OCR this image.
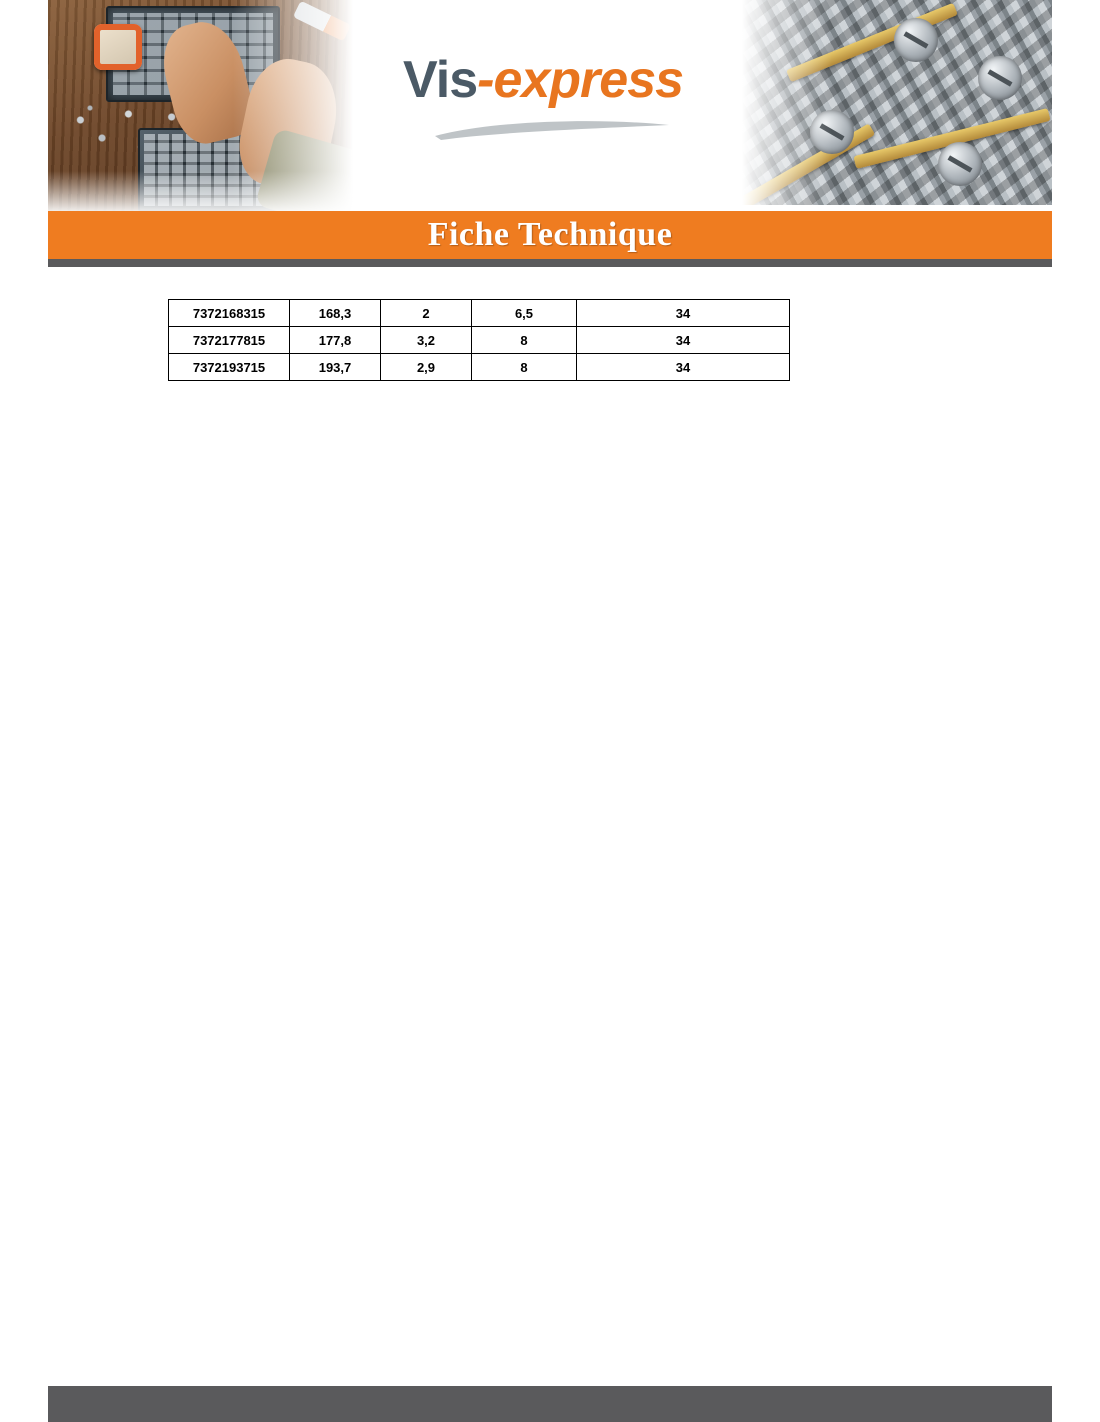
Vis-express
Fiche Technique
7372168315	168,3	2	6,5	34
7372177815	177,8	3,2	8	34
7372193715	193,7	2,9	8	34
